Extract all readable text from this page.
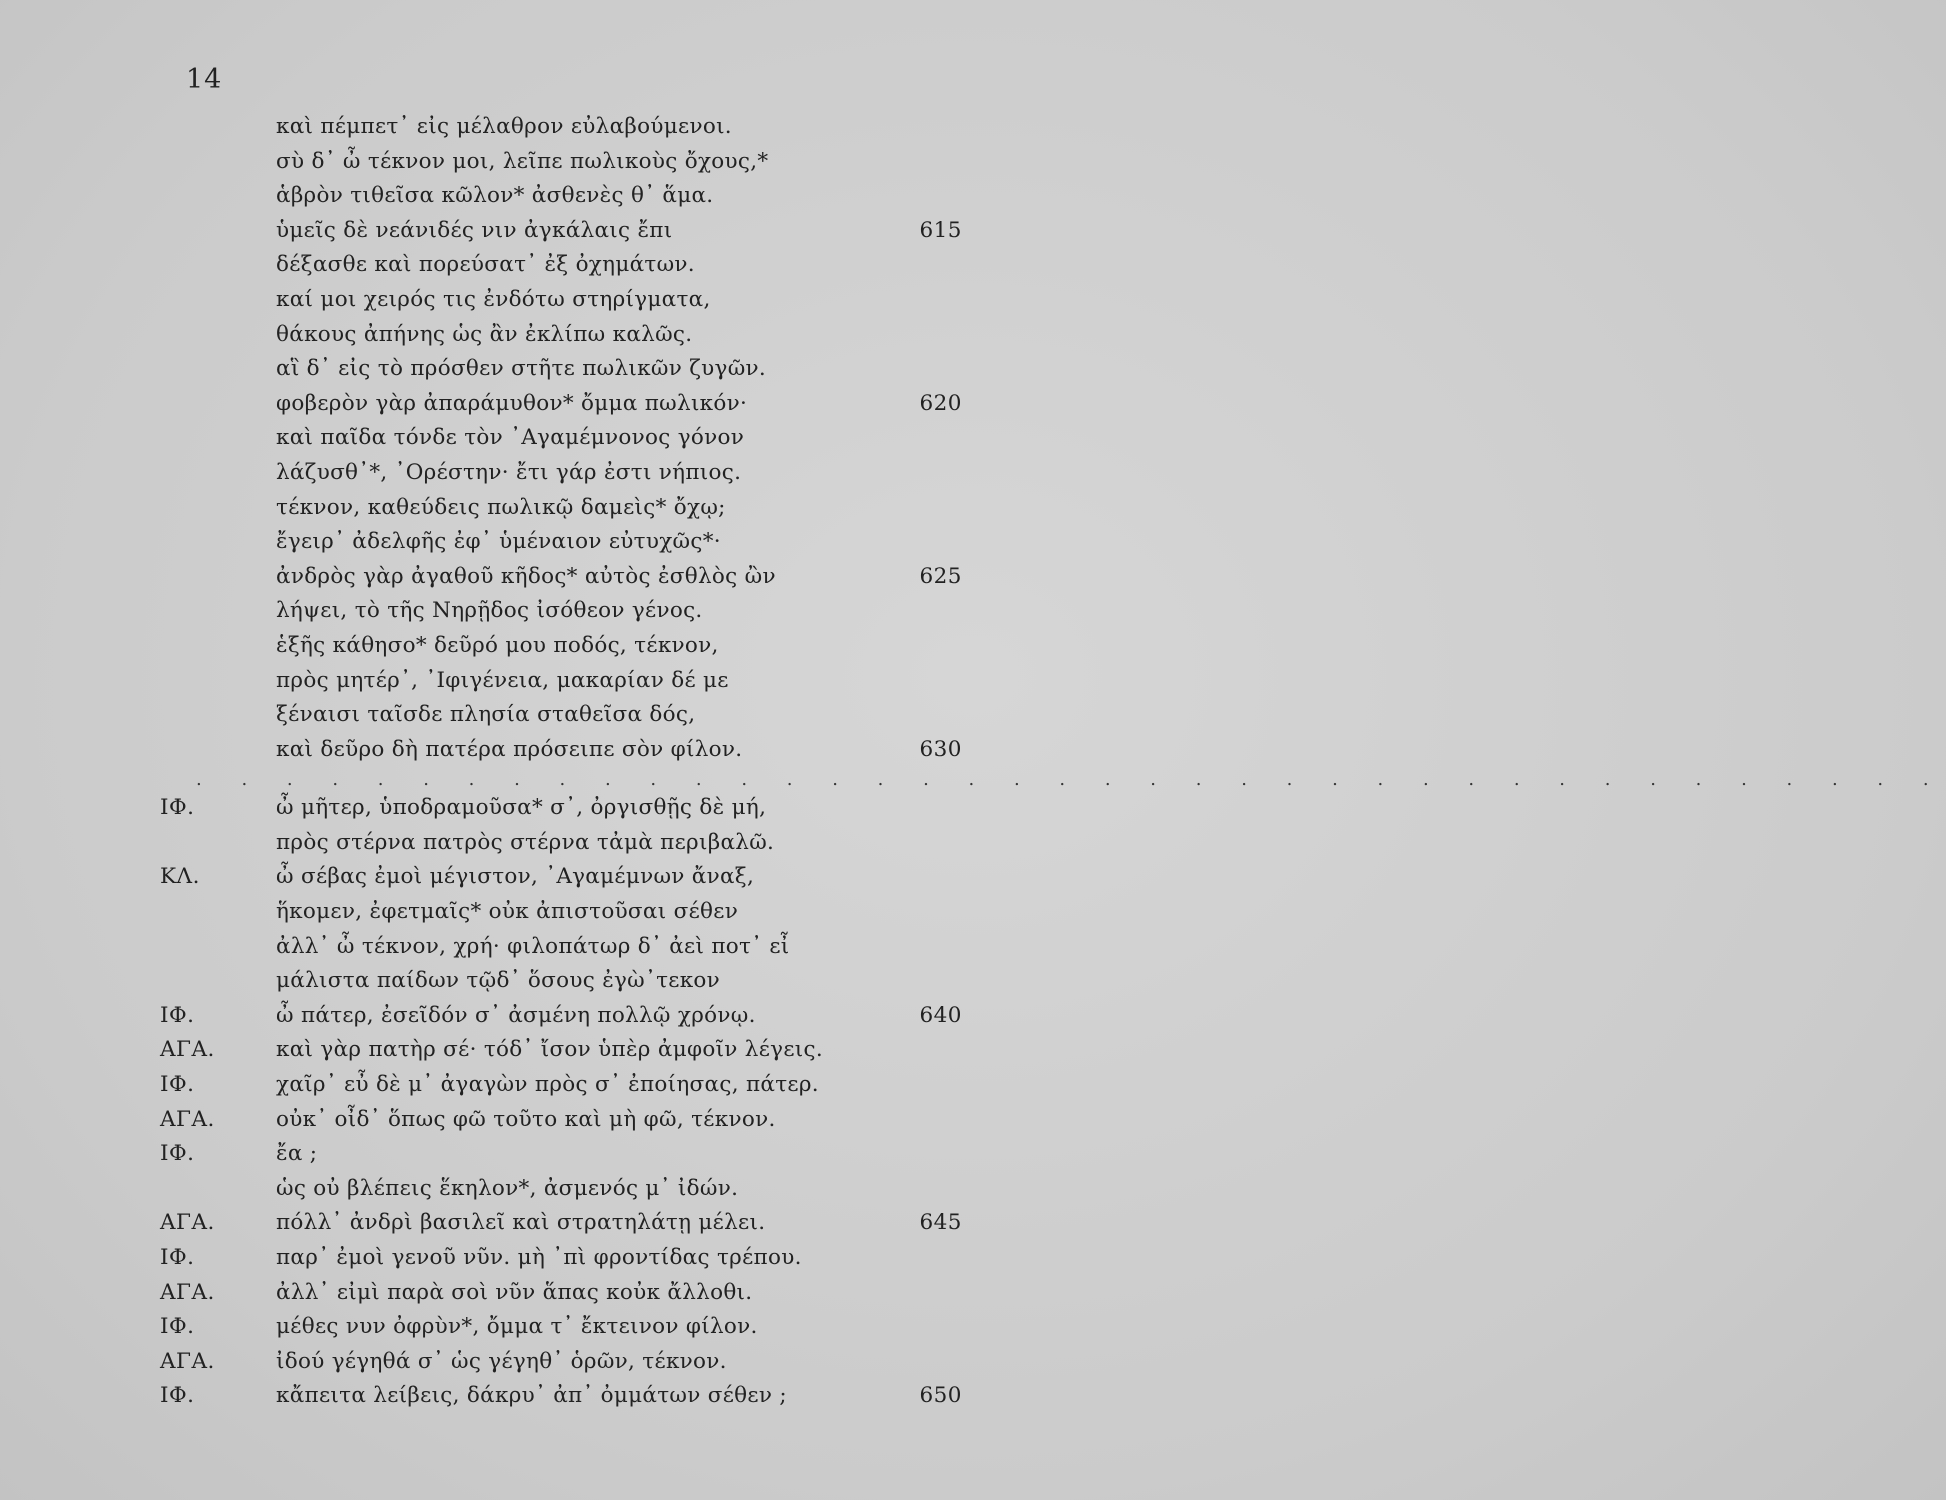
14
καὶ πέμπετ᾽ εἰς μέλαθρον εὐλαβούμενοι.
σὺ δ᾽ ὦ τέκνον μοι, λεῖπε πωλικοὺς ὄχους,*
ἁβρὸν τιθεῖσα κῶλον* ἀσθενὲς θ᾽ ἅμα.
ὑμεῖς δὲ νεάνιδές νιν ἀγκάλαις ἔπι	615
δέξασθε καὶ πορεύσατ᾽ ἐξ ὀχημάτων.
καί μοι χειρός τις ἐνδότω στηρίγματα,
θάκους ἀπήνης ὡς ἂν ἐκλίπω καλῶς.
αἳ δ᾽ εἰς τὸ πρόσθεν στῆτε πωλικῶν ζυγῶν.
φοβερὸν γὰρ ἀπαράμυθον* ὄμμα πωλικόν·	620
καὶ παῖδα τόνδε τὸν ᾿Αγαμέμνονος γόνον
λάζυσθ᾽*, ᾿Ορέστην· ἔτι γάρ ἐστι νήπιος.
τέκνον, καθεύδεις πωλικῷ δαμεὶς* ὄχῳ;
ἔγειρ᾽ ἀδελφῆς ἐφ᾽ ὑμέναιον εὐτυχῶς*·
ἀνδρὸς γὰρ ἀγαθοῦ κῆδος* αὐτὸς ἐσθλὸς ὢν	625
λήψει, τὸ τῆς Νηρῇδος ἰσόθεον γένος.
ἑξῆς κάθησο* δεῦρό μου ποδός, τέκνον,
πρὸς μητέρ᾽, ᾿Ιφιγένεια, μακαρίαν δέ με
ξέναισι ταῖσδε πλησία σταθεῖσα δός,
καὶ δεῦρο δὴ πατέρα πρόσειπε σὸν φίλον.	630
. . . . . . . . . . . . . . . . . . . . . . . . . . . . . . . . . . . . . . .
ΙΦ.	ὦ μῆτερ, ὑποδραμοῦσα* σ᾽, ὀργισθῇς δὲ μή,
πρὸς στέρνα πατρὸς στέρνα τἀμὰ περιβαλῶ.
ΚΛ.	ὦ σέβας ἐμοὶ μέγιστον, ᾿Αγαμέμνων ἄναξ,
ἥκομεν, ἐφετμαῖς* οὐκ ἀπιστοῦσαι σέθεν
ἀλλ᾽ ὦ τέκνον, χρή· φιλοπάτωρ δ᾽ ἀεὶ ποτ᾽ εἶ
μάλιστα παίδων τῷδ᾽ ὅσους ἐγὼ᾽τεκον
ΙΦ.	ὦ πάτερ, ἐσεῖδόν σ᾽ ἀσμένη πολλῷ χρόνῳ.	640
ΑΓΑ.	καὶ γὰρ πατὴρ σέ· τόδ᾽ ἴσον ὑπὲρ ἀμφοῖν λέγεις.
ΙΦ.	χαῖρ᾽ εὖ δὲ μ᾽ ἀγαγὼν πρὸς σ᾽ ἐποίησας, πάτερ.
ΑΓΑ.	οὐκ᾽ οἶδ᾽ ὅπως φῶ τοῦτο καὶ μὴ φῶ, τέκνον.
ΙΦ.	ἔα ;
ὡς οὐ βλέπεις ἕκηλον*, ἀσμενός μ᾽ ἰδών.
ΑΓΑ.	πόλλ᾽ ἀνδρὶ βασιλεῖ καὶ στρατηλάτῃ μέλει.	645
ΙΦ.	παρ᾽ ἐμοὶ γενοῦ νῦν. μὴ ᾽πὶ φροντίδας τρέπου.
ΑΓΑ.	ἀλλ᾽ εἰμὶ παρὰ σοὶ νῦν ἅπας κοὐκ ἄλλοθι.
ΙΦ.	μέθες νυν ὀφρὺν*, ὄμμα τ᾽ ἔκτεινον φίλον.
ΑΓΑ.	ἰδού γέγηθά σ᾽ ὡς γέγηθ᾽ ὁρῶν, τέκνον.
ΙΦ.	κἄπειτα λείβεις, δάκρυ᾽ ἀπ᾽ ὀμμάτων σέθεν ;	650
